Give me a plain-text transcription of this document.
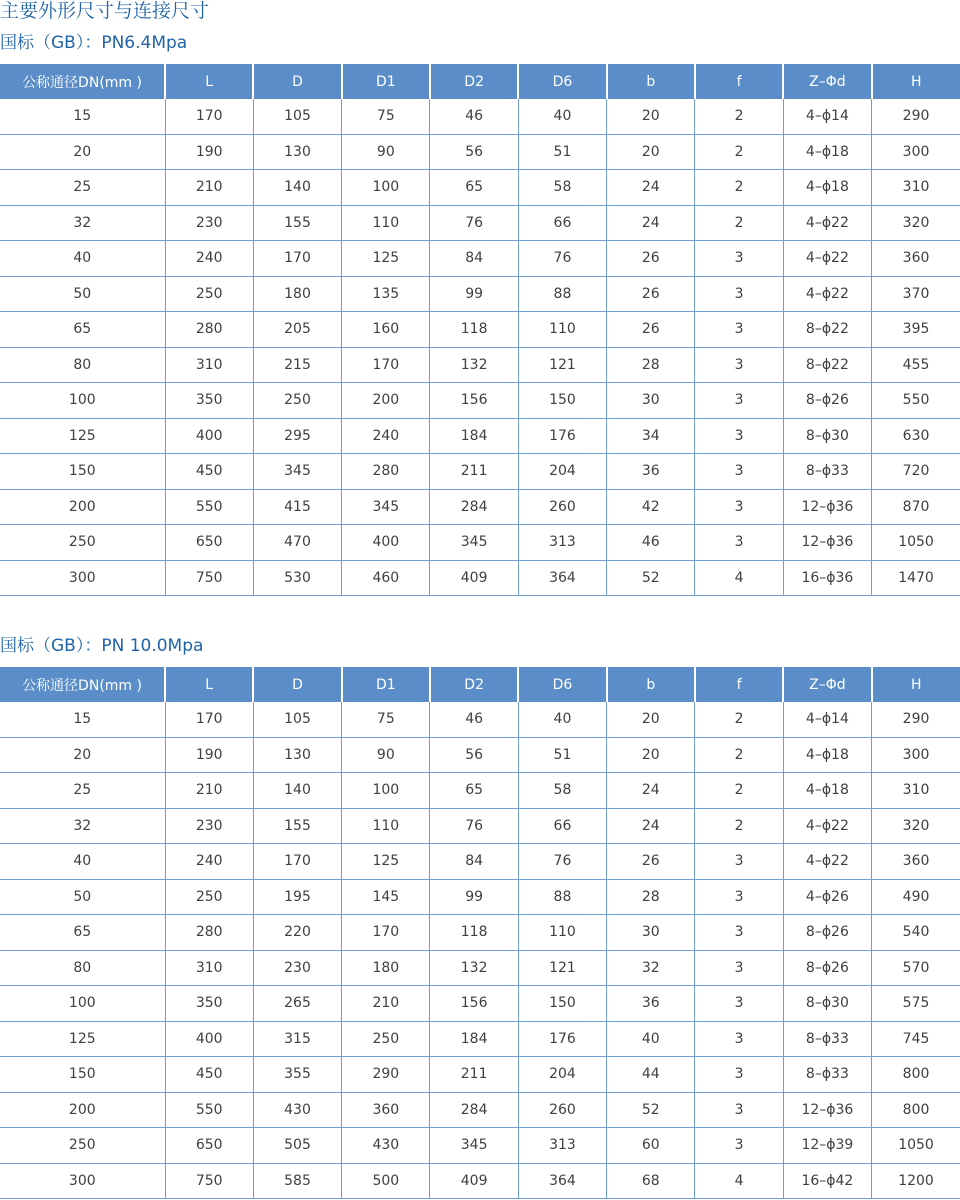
主要外形尺寸与连接尺寸
国标（GB）：PN6.4Mpa
公称通径DN(mm )	L	D	D1	D2	D6	b	f	Z–Φd	H
15	170	105	75	46	40	20	2	4–ϕ14	290
20	190	130	90	56	51	20	2	4–ϕ18	300
25	210	140	100	65	58	24	2	4–ϕ18	310
32	230	155	110	76	66	24	2	4–ϕ22	320
40	240	170	125	84	76	26	3	4–ϕ22	360
50	250	180	135	99	88	26	3	4–ϕ22	370
65	280	205	160	118	110	26	3	8–ϕ22	395
80	310	215	170	132	121	28	3	8–ϕ22	455
100	350	250	200	156	150	30	3	8–ϕ26	550
125	400	295	240	184	176	34	3	8–ϕ30	630
150	450	345	280	211	204	36	3	8–ϕ33	720
200	550	415	345	284	260	42	3	12–ϕ36	870
250	650	470	400	345	313	46	3	12–ϕ36	1050
300	750	530	460	409	364	52	4	16–ϕ36	1470
国标（GB）：PN 10.0Mpa
公称通径DN(mm )	L	D	D1	D2	D6	b	f	Z–Φd	H
15	170	105	75	46	40	20	2	4–ϕ14	290
20	190	130	90	56	51	20	2	4–ϕ18	300
25	210	140	100	65	58	24	2	4–ϕ18	310
32	230	155	110	76	66	24	2	4–ϕ22	320
40	240	170	125	84	76	26	3	4–ϕ22	360
50	250	195	145	99	88	28	3	4–ϕ26	490
65	280	220	170	118	110	30	3	8–ϕ26	540
80	310	230	180	132	121	32	3	8–ϕ26	570
100	350	265	210	156	150	36	3	8–ϕ30	575
125	400	315	250	184	176	40	3	8–ϕ33	745
150	450	355	290	211	204	44	3	8–ϕ33	800
200	550	430	360	284	260	52	3	12–ϕ36	800
250	650	505	430	345	313	60	3	12–ϕ39	1050
300	750	585	500	409	364	68	4	16–ϕ42	1200
